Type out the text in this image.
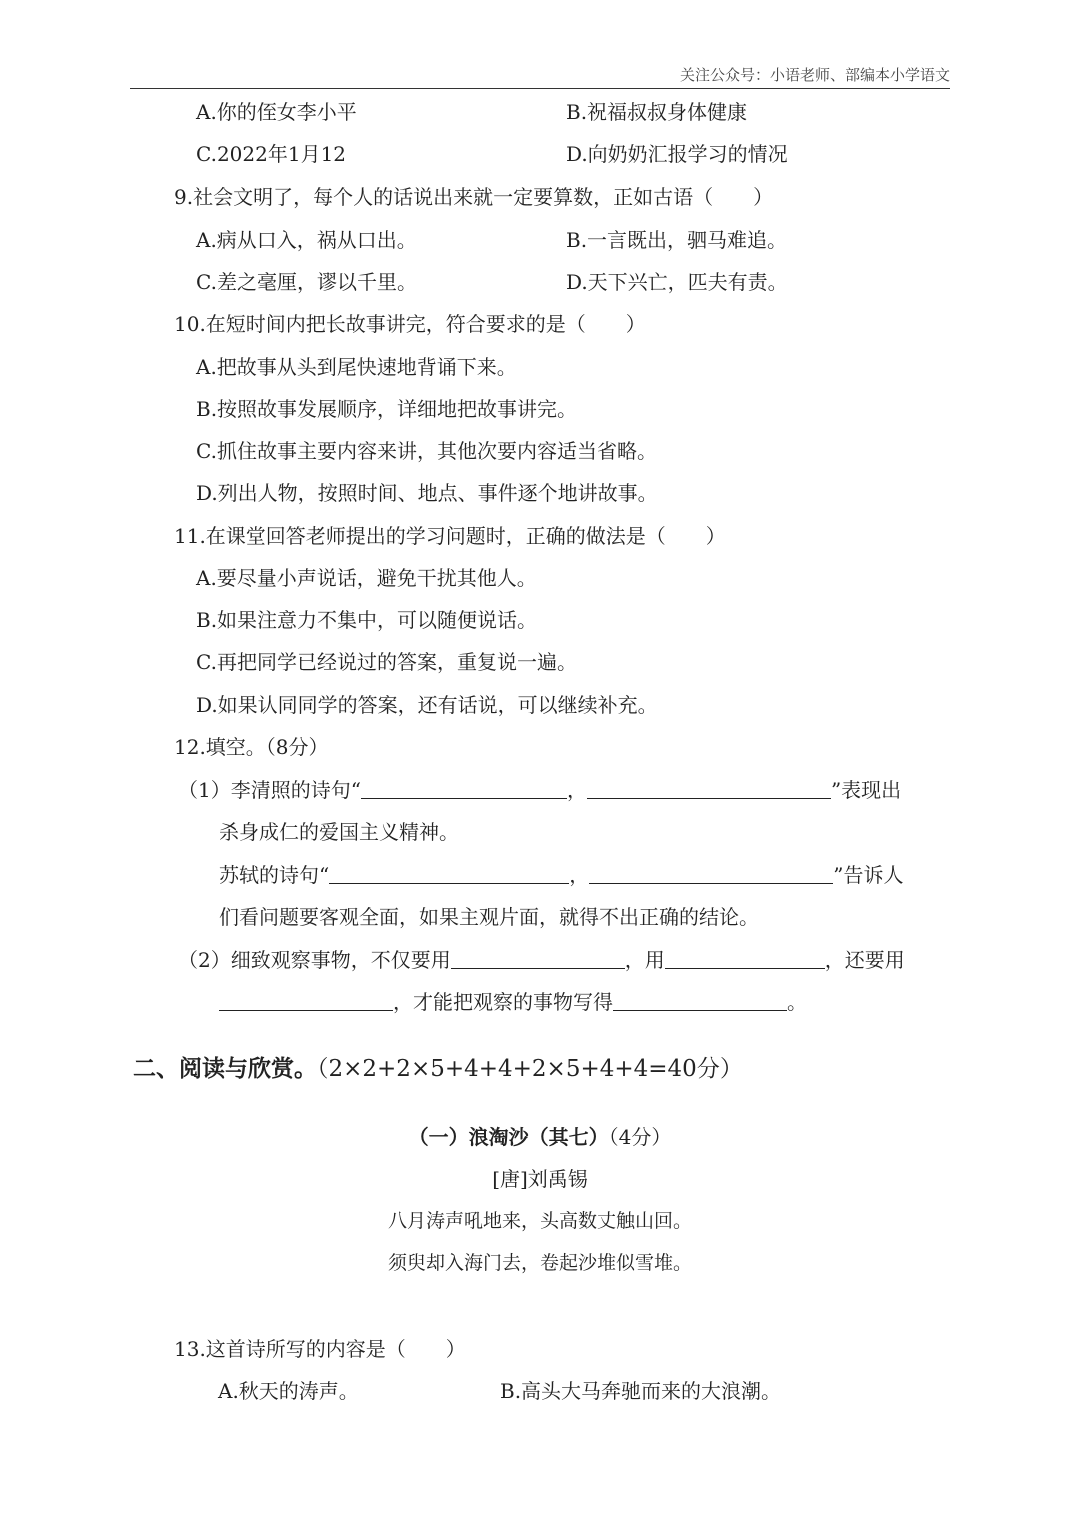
关注公众号：小语老师、部编本小学语文
A.你的侄女李小平	B.祝福叔叔身体健康
C.2022年1月12	D.向奶奶汇报学习的情况
9.社会文明了，每个人的话说出来就一定要算数，正如古语（　　）
A.病从口入，祸从口出。	B.一言既出，驷马难追。
C.差之毫厘，谬以千里。	D.天下兴亡，匹夫有责。
10.在短时间内把长故事讲完，符合要求的是（　　）
A.把故事从头到尾快速地背诵下来。
B.按照故事发展顺序，详细地把故事讲完。
C.抓住故事主要内容来讲，其他次要内容适当省略。
D.列出人物，按照时间、地点、事件逐个地讲故事。
11.在课堂回答老师提出的学习问题时，正确的做法是（　　）
A.要尽量小声说话，避免干扰其他人。
B.如果注意力不集中，可以随便说话。
C.再把同学已经说过的答案，重复说一遍。
D.如果认同同学的答案，还有话说，可以继续补充。
12.填空。（8分）
（1）李清照的诗句“	，	”表现出
杀身成仁的爱国主义精神。
苏轼的诗句“	，	”告诉人
们看问题要客观全面，如果主观片面，就得不出正确的结论。
（2）细致观察事物，不仅要用	，用	，还要用
，才能把观察的事物写得	。
二、阅读与欣赏。（2×2+2×5+4+4+2×5+4+4=40分）
（一）浪淘沙（其七）（4分）
[唐]刘禹锡
八月涛声吼地来，头高数丈触山回。
须臾却入海门去，卷起沙堆似雪堆。
13.这首诗所写的内容是（　　）
A.秋天的涛声。	B.高头大马奔驰而来的大浪潮。
